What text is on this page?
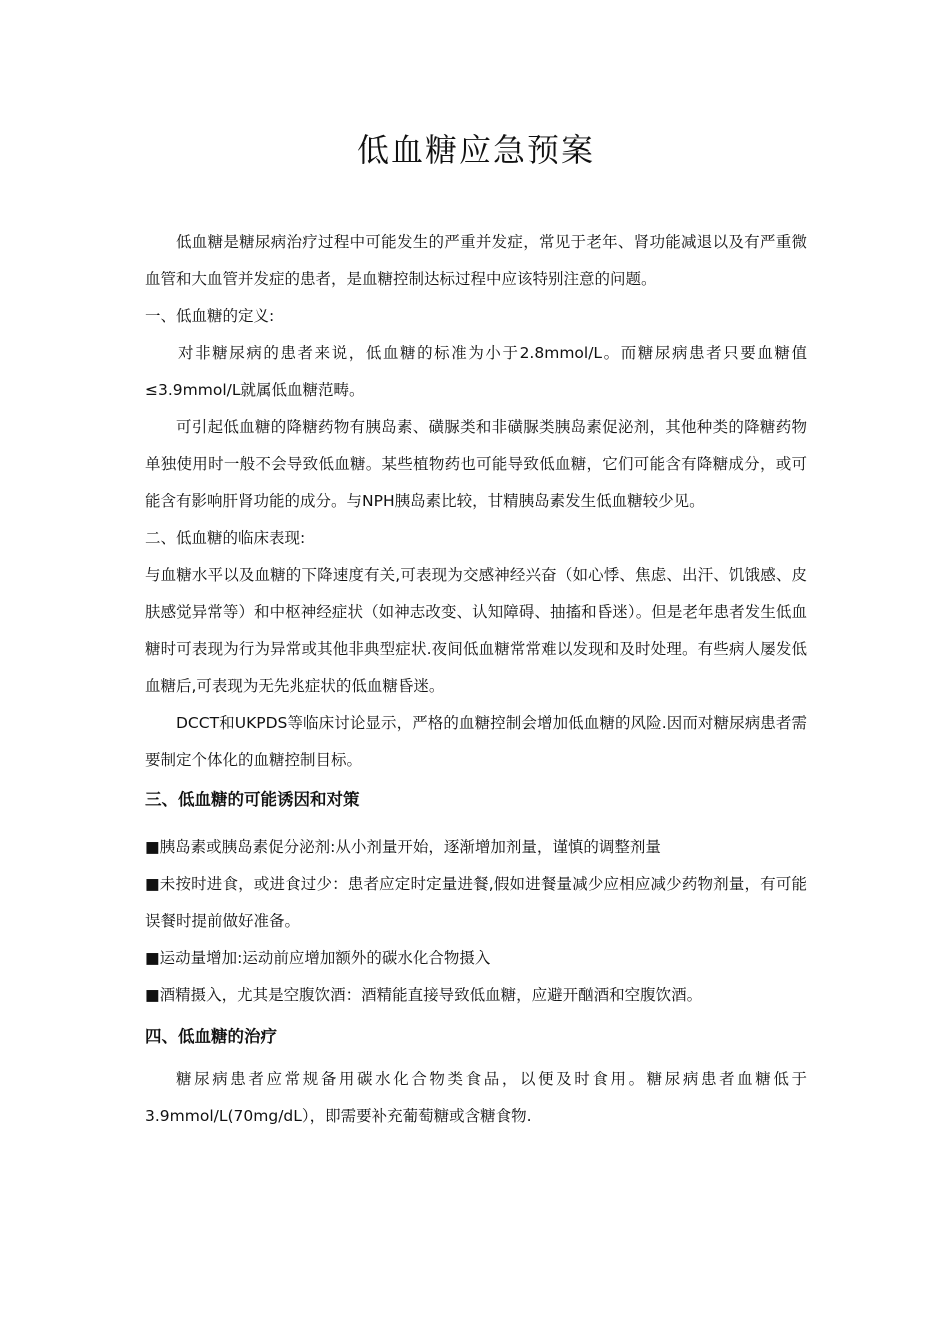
低血糖应急预案

低血糖是糖尿病治疗过程中可能发生的严重并发症，常见于老年、肾功能减退以及有严重微血管和大血管并发症的患者，是血糖控制达标过程中应该特别注意的问题。

一、低血糖的定义:

对非糖尿病的患者来说，低血糖的标准为小于2.8mmol/L。而糖尿病患者只要血糖值≤3.9mmol/L就属低血糖范畴。

可引起低血糖的降糖药物有胰岛素、磺脲类和非磺脲类胰岛素促泌剂，其他种类的降糖药物单独使用时一般不会导致低血糖。某些植物药也可能导致低血糖，它们可能含有降糖成分，或可能含有影响肝肾功能的成分。与NPH胰岛素比较，甘精胰岛素发生低血糖较少见。

二、低血糖的临床表现:

与血糖水平以及血糖的下降速度有关,可表现为交感神经兴奋（如心悸、焦虑、出汗、饥饿感、皮肤感觉异常等）和中枢神经症状（如神志改变、认知障碍、抽搐和昏迷）。但是老年患者发生低血糖时可表现为行为异常或其他非典型症状.夜间低血糖常常难以发现和及时处理。有些病人屡发低血糖后,可表现为无先兆症状的低血糖昏迷。

DCCT和UKPDS等临床讨论显示，严格的血糖控制会增加低血糖的风险.因而对糖尿病患者需要制定个体化的血糖控制目标。

三、低血糖的可能诱因和对策

■胰岛素或胰岛素促分泌剂:从小剂量开始，逐渐增加剂量，谨慎的调整剂量

■未按时进食，或进食过少：患者应定时定量进餐,假如进餐量减少应相应减少药物剂量，有可能误餐时提前做好准备。

■运动量增加:运动前应增加额外的碳水化合物摄入

■酒精摄入，尤其是空腹饮酒：酒精能直接导致低血糖，应避开酗酒和空腹饮酒。

四、低血糖的治疗

糖尿病患者应常规备用碳水化合物类食品，以便及时食用。糖尿病患者血糖低于3.9mmol/L(70mg/dL），即需要补充葡萄糖或含糖食物.
